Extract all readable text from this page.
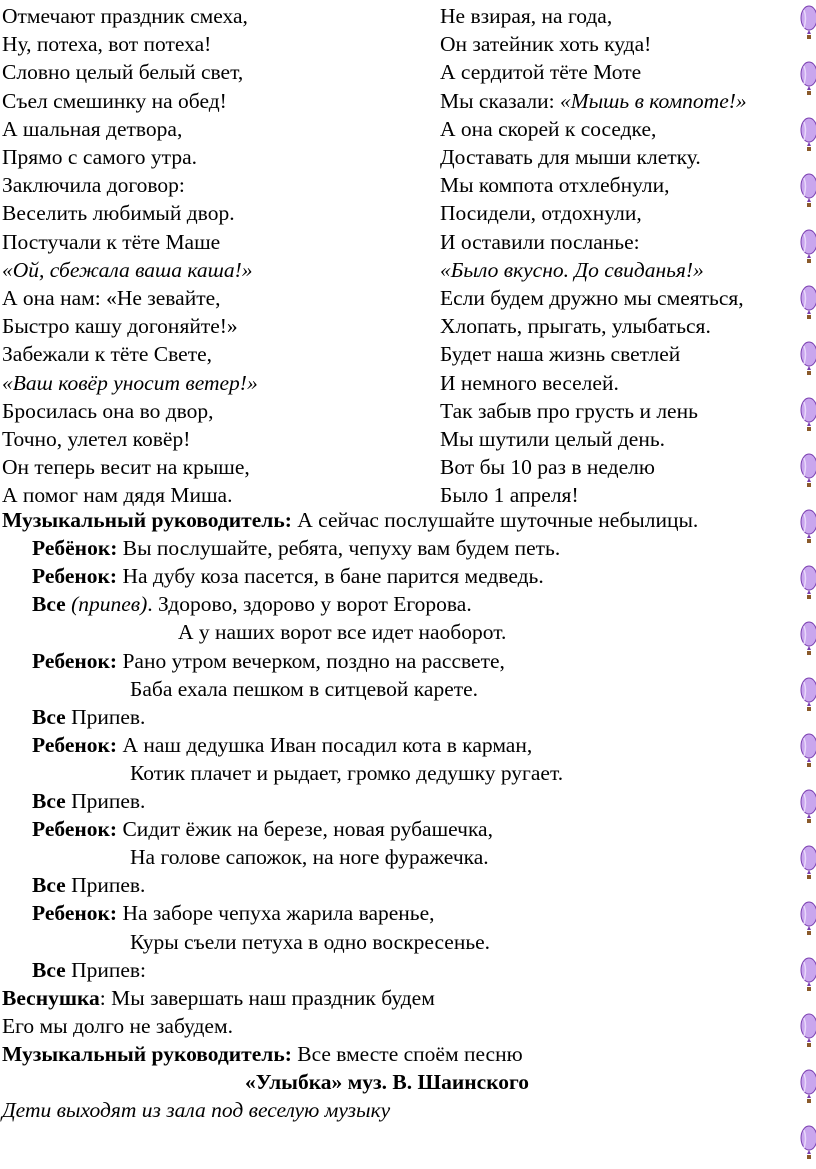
Отмечают праздник смеха,
Ну, потеха, вот потеха!
Словно целый белый свет,
Съел смешинку на обед!
А шальная детвора,
Прямо с самого утра.
Заключила договор:
Веселить любимый двор.
Постучали к тёте Маше
«Ой, сбежала ваша каша!»
А она нам: «Не зевайте,
Быстро кашу догоняйте!»
Забежали к тёте Свете,
«Ваш ковёр уносит ветер!»
Бросилась она во двор,
Точно, улетел ковёр!
Он теперь весит на крыше,
А помог нам дядя Миша.
Не взирая, на года,
Он затейник хоть куда!
А сердитой тёте Моте
Мы сказали: «Мышь в компоте!»
А она скорей к соседке,
Доставать для мыши клетку.
Мы компота отхлебнули,
Посидели, отдохнули,
И оставили посланье:
«Было вкусно. До свиданья!»
Если будем дружно мы смеяться,
Хлопать, прыгать, улыбаться.
Будет наша жизнь светлей
И немного веселей.
Так забыв про грусть и лень
Мы шутили целый день.
Вот бы 10 раз в неделю
Было 1 апреля!
Музыкальный руководитель: А сейчас послушайте шуточные небылицы.
Ребёнок: Вы послушайте, ребята, чепуху вам будем петь.
Ребенок: На дубу коза пасется, в бане парится медведь.
Все (припев). Здорово, здорово у ворот Егорова.
А у наших ворот все идет наоборот.
Ребенок: Рано утром вечерком, поздно на рассвете,
Баба ехала пешком в ситцевой карете.
Все Припев.
Ребенок: А наш дедушка Иван посадил кота в карман,
Котик плачет и рыдает, громко дедушку ругает.
Все Припев.
Ребенок: Сидит ёжик на березе, новая рубашечка,
На голове сапожок, на ноге фуражечка.
Все Припев.
Ребенок: На заборе чепуха жарила варенье,
Куры съели петуха в одно воскресенье.
Все Припев:
Веснушка: Мы завершать наш праздник будем
Его мы долго не забудем.
Музыкальный руководитель: Все вместе споём песню
«Улыбка» муз. В. Шаинского
Дети выходят из зала под веселую музыку
